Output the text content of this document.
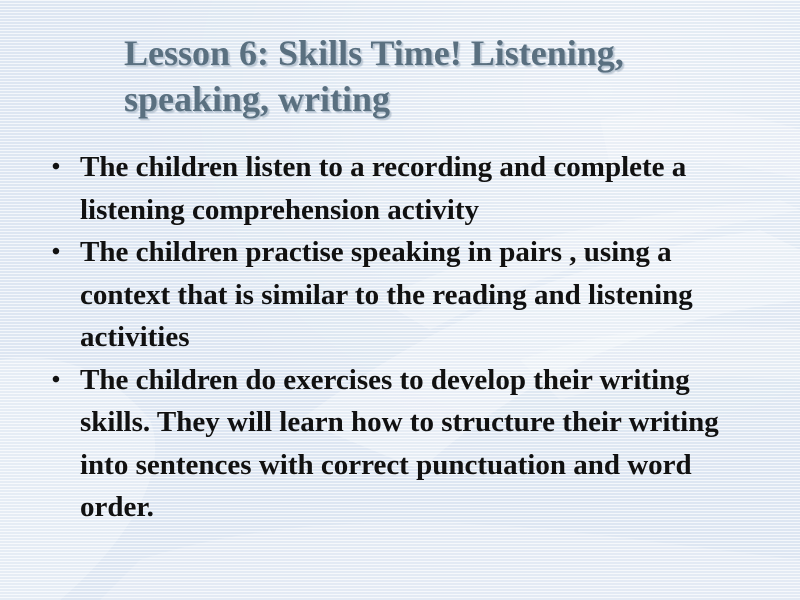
Lesson 6: Skills Time! Listening, speaking, writing
• The children listen to a recording and complete a listening comprehension activity
• The children practise speaking in pairs , using a context that is similar to the reading and listening activities
• The children do exercises to develop their writing skills. They will learn how to structure their writing into sentences with correct punctuation and word order.
